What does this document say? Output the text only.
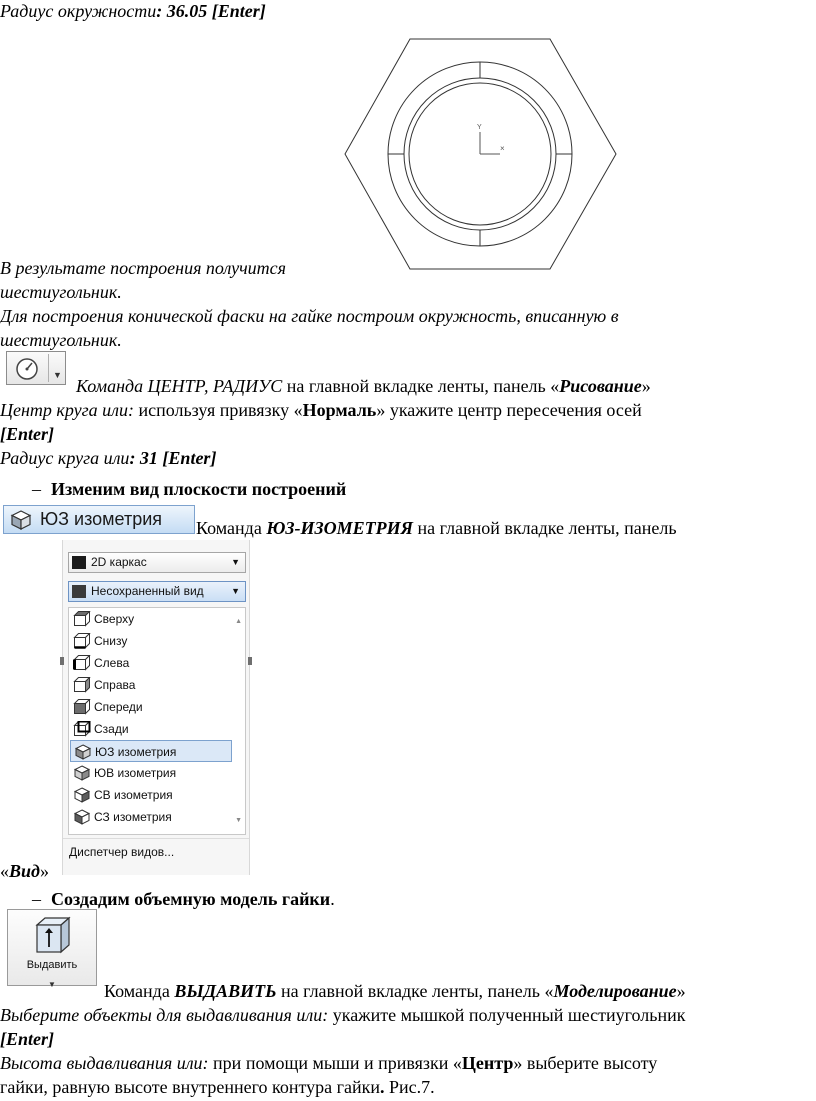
Радиус окружности: 36.05 [Enter]
Y
×
В результате построения получится
шестиугольник.
Для построения конической фаски на гайке построим окружность, вписанную в
шестиугольник.
▼
Команда ЦЕНТР, РАДИУС на главной вкладке ленты, панель «Рисование»
Центр круга или: используя привязку «Нормаль» укажите центр пересечения осей
[Enter]
Радиус круга или: 31 [Enter]
– Изменим вид плоскости построений
ЮЗ изометрия Команда ЮЗ-ИЗОМЕТРИЯ на главной вкладке ленты, панель
2D каркас	▼
Несохраненный вид	▼
▲
▼
Сверху
Снизу
Слева
Справа
Спереди
Сзади
ЮЗ изометрия
ЮВ изометрия
СВ изометрия
СЗ изометрия
Диспетчер видов...
«Вид»
– Создадим объемную модель гайки.
Выдавить
▼	Команда ВЫДАВИТЬ на главной вкладке ленты, панель «Моделирование»
Выберите объекты для выдавливания или: укажите мышкой полученный шестиугольник
[Enter]
Высота выдавливания или: при помощи мыши и привязки «Центр» выберите высоту
гайки, равную высоте внутреннего контура гайки. Рис.7.
